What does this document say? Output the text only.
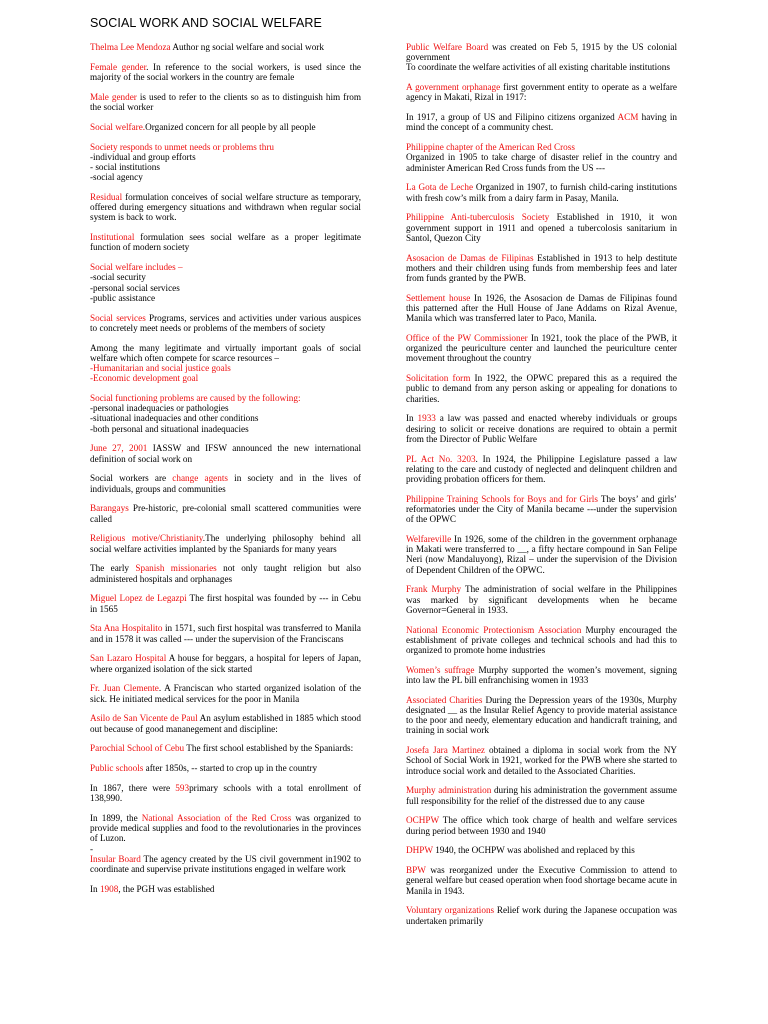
SOCIAL WORK AND SOCIAL WELFARE
Thelma Lee Mendoza Author ng social welfare and social work
Female gender. In reference to the social workers, is used since the majority of the social workers in the country are female
Male gender is used to refer to the clients so as to distinguish him from the social worker
Social welfare.Organized concern for all people by all people
Society responds to unmet needs or problems thru
-individual and group efforts
- social institutions
-social agency
Residual formulation conceives of social welfare structure as temporary, offered during emergency situations and withdrawn when regular social system is back to work.
Institutional formulation sees social welfare as a proper legitimate function of modern society
Social welfare includes –
-social security
-personal social services
-public assistance
Social services Programs, services and activities under various auspices to concretely meet needs or problems of the members of society
Among the many legitimate and virtually important goals of social welfare which often compete for scarce resources –
-Humanitarian and social justice goals
-Economic development goal
Social functioning problems are caused by the following:
-personal inadequacies or pathologies
-situational inadequacies and other conditions
-both personal and situational inadequacies
June 27, 2001 IASSW and IFSW announced the new international definition of social work on
Social workers are change agents in society and in the lives of individuals, groups and communities
Barangays Pre-historic, pre-colonial small scattered communities were called
Religious motive/Christianity.The underlying philosophy behind all social welfare activities implanted by the Spaniards for many years
The early Spanish missionaries not only taught religion but also administered hospitals and orphanages
Miguel Lopez de Legazpi The first hospital was founded by --- in Cebu in 1565
Sta Ana Hospitalito in 1571, such first hospital was transferred to Manila and in 1578 it was called --- under the supervision of the Franciscans
San Lazaro Hospital A house for beggars, a hospital for lepers of Japan, where organized isolation of the sick started
Fr. Juan Clemente. A Franciscan who started organized isolation of the sick. He initiated medical services for the poor in Manila
Asilo de San Vicente de Paul An asylum established in 1885 which stood out because of good mananegement and discipline:
Parochial School of Cebu The first school established by the Spaniards:
Public schools after 1850s, -- started to crop up in the country
In 1867, there were 593primary schools with a total enrollment of 138,990.
In 1899, the National Association of the Red Cross was organized to provide medical supplies and food to the revolutionaries in the provinces of Luzon.
-
Insular Board The agency created by the US civil government in1902 to coordinate and supervise private institutions engaged in welfare work
In 1908, the PGH was established
Public Welfare Board was created on Feb 5, 1915 by the US colonial government
To coordinate the welfare activities of all existing charitable institutions
A government orphanage first government entity to operate as a welfare agency in Makati, Rizal in 1917:
In 1917, a group of US and Filipino citizens organized ACM having in mind the concept of a community chest.
Philippine chapter of the American Red Cross
Organized in 1905 to take charge of disaster relief in the country and administer American Red Cross funds from the US ---
La Gota de Leche Organized in 1907, to furnish child-caring institutions with fresh cow’s milk from a dairy farm in Pasay, Manila.
Philippine Anti-tuberculosis Society Established in 1910, it won government support in 1911 and opened a tubercolosis sanitarium in Santol, Quezon City
Asosacion de Damas de Filipinas Established in 1913 to help destitute mothers and their children using funds from membership fees and later from funds granted by the PWB.
Settlement house In 1926, the Asosacion de Damas de Filipinas found this patterned after the Hull House of Jane Addams on Rizal Avenue, Manila which was transferred later to Paco, Manila.
Office of the PW Commissioner In 1921, took the place of the PWB, it organized the peuriculture center and launched the peuriculture center movement throughout the country
Solicitation form In 1922, the OPWC prepared this as a required the public to demand from any person asking or appealing for donations to charities.
In 1933 a law was passed and enacted whereby individuals or groups desiring to solicit or receive donations are required to obtain a permit from the Director of Public Welfare
PL Act No. 3203. In 1924, the Philippine Legislature passed a law relating to the care and custody of neglected and delinquent children and providing probation officers for them.
Philippine Training Schools for Boys and for Girls The boys’ and girls’ reformatories under the City of Manila became ---under the supervision of the OPWC
Welfareville In 1926, some of the children in the government orphanage in Makati were transferred to __, a fifty hectare compound in San Felipe Neri (now Mandaluyong), Rizal – under the supervision of the Division of Dependent Children of the OPWC.
Frank Murphy The administration of social welfare in the Philippines was marked by significant developments when he became Governor=General in 1933.
National Economic Protectionism Association Murphy encouraged the establishment of private colleges and technical schools and had this to organized to promote home industries
Women’s suffrage Murphy supported the women’s movement, signing into law the PL bill enfranchising women in 1933
Associated Charities During the Depression years of the 1930s, Murphy designated __ as the Insular Relief Agency to provide material assistance to the poor and needy, elementary education and handicraft training, and training in social work
Josefa Jara Martinez obtained a diploma in social work from the NY School of Social Work in 1921, worked for the PWB where she started to introduce social work and detailed to the Associated Charities.
Murphy administration during his administration the government assume full responsibility for the relief of the distressed due to any cause
OCHPW The office which took charge of health and welfare services during period between 1930 and 1940
DHPW 1940, the OCHPW was abolished and replaced by this
BPW was reorganized under the Executive Commission to attend to general welfare but ceased operation when food shortage became acute in Manila in 1943.
Voluntary organizations Relief work during the Japanese occupation was undertaken primarily
